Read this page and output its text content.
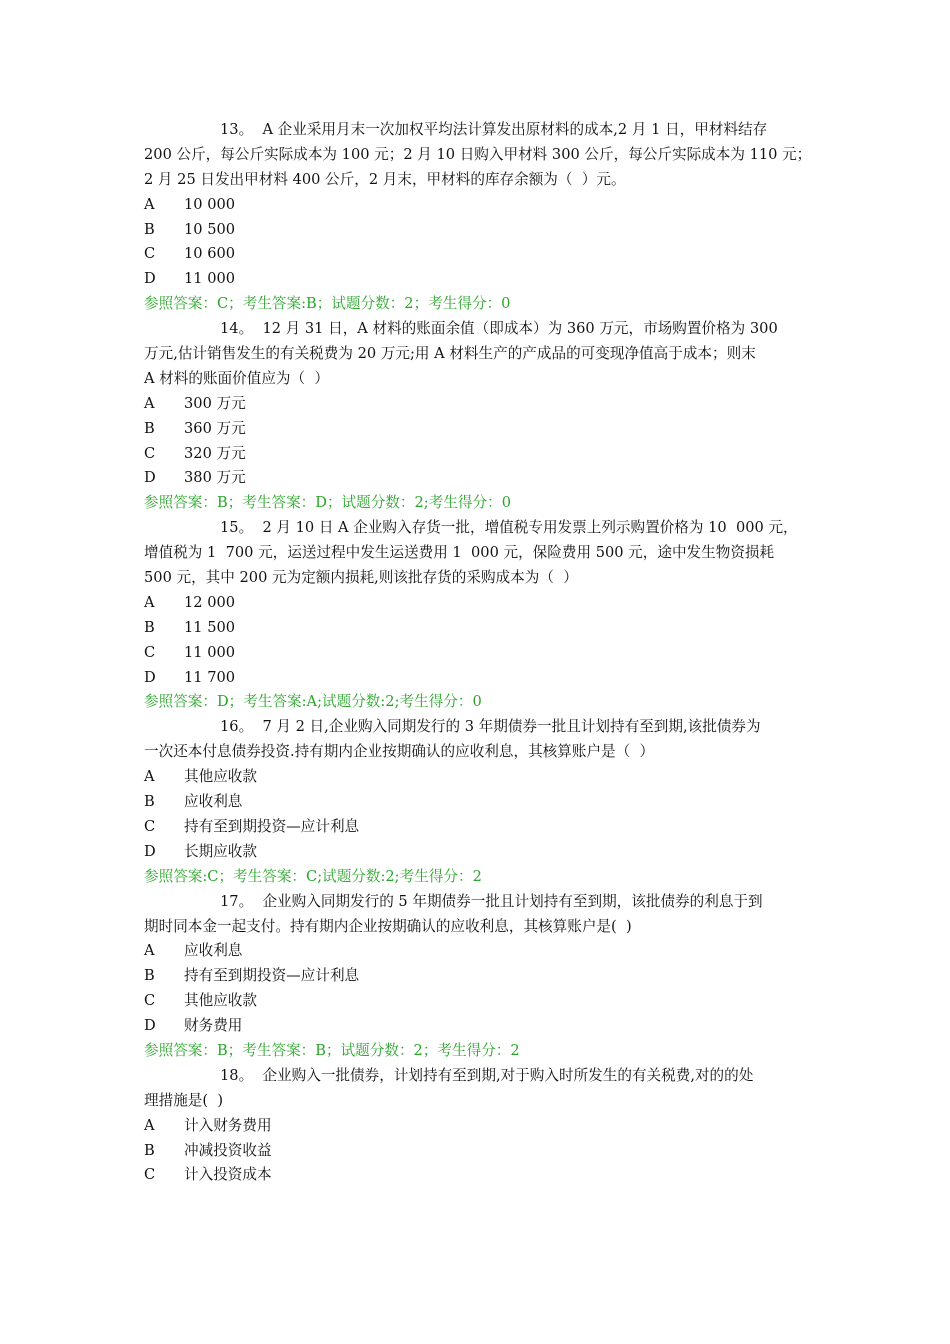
13。 A 企业采用月末一次加权平均法计算发出原材料的成本,2 月 1 日，甲材料结存
200 公斤，每公斤实际成本为 100 元；2 月 10 日购入甲材料 300 公斤，每公斤实际成本为 110 元；
2 月 25 日发出甲材料 400 公斤，2 月末，甲材料的库存余额为（  ）元。
A	10 000
B	10 500
C	10 600
D	11 000
参照答案：C；考生答案:B；试题分数：2；考生得分：0
14。 12 月 31 日，A 材料的账面余值（即成本）为 360 万元，市场购置价格为 300
万元,估计销售发生的有关税费为 20 万元;用 A 材料生产的产成品的可变现净值高于成本；则末
A 材料的账面价值应为（  ）
A	300 万元
B	360 万元
C	320 万元
D	380 万元
参照答案：B；考生答案：D；试题分数：2;考生得分：0
15。 2 月 10 日 A 企业购入存货一批，增值税专用发票上列示购置价格为 10  000 元，
增值税为 1  700 元，运送过程中发生运送费用 1  000 元，保险费用 500 元，途中发生物资损耗
500 元，其中 200 元为定额内损耗,则该批存货的采购成本为（  ）
A	12 000
B	11 500
C	11 000
D	11 700
参照答案：D；考生答案:A;试题分数:2;考生得分：0
16。 7 月 2 日,企业购入同期发行的 3 年期债券一批且计划持有至到期,该批债券为
一次还本付息债券投资.持有期内企业按期确认的应收利息，其核算账户是（  ）
A	其他应收款
B	应收利息
C	持有至到期投资—应计利息
D	长期应收款
参照答案:C；考生答案：C;试题分数:2;考生得分：2
17。 企业购入同期发行的 5 年期债券一批且计划持有至到期，该批债券的利息于到
期时同本金一起支付。持有期内企业按期确认的应收利息，其核算账户是(  )
A	应收利息
B	持有至到期投资—应计利息
C	其他应收款
D	财务费用
参照答案：B；考生答案：B；试题分数：2；考生得分：2
18。 企业购入一批债券，计划持有至到期,对于购入时所发生的有关税费,对的的处
理措施是(  )
A	计入财务费用
B	冲减投资收益
C	计入投资成本
